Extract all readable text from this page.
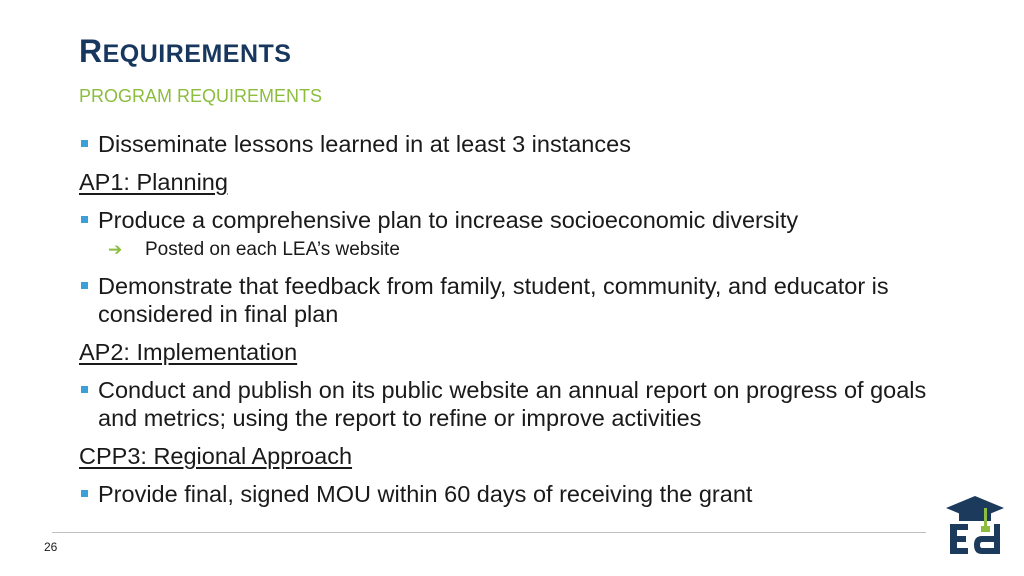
REQUIREMENTS
PROGRAM REQUIREMENTS
Disseminate lessons learned in at least 3 instances
AP1: Planning
Produce a comprehensive plan to increase socioeconomic diversity
➔ Posted on each LEA’s website
Demonstrate that feedback from family, student, community, and educator is considered in final plan
AP2: Implementation
Conduct and publish on its public website an annual report on progress of goals and metrics; using the report to refine or improve activities
CPP3: Regional Approach
Provide final, signed MOU within 60 days of receiving the grant
26
